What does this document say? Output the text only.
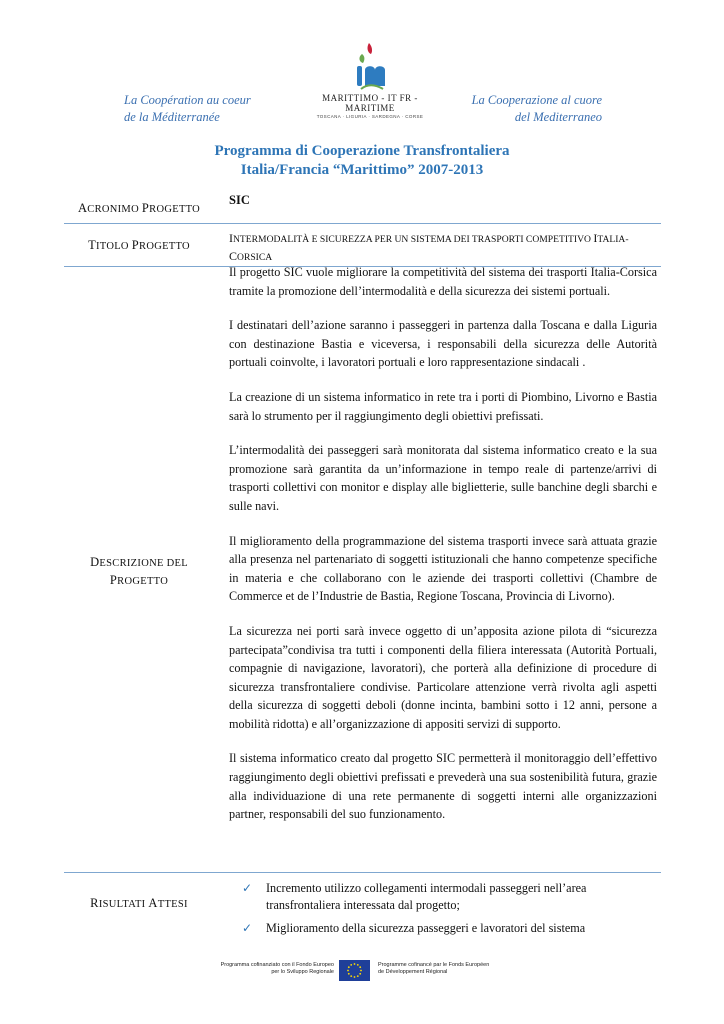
La Coopération au coeur
de la Méditerranée
MARITTIMO - IT FR - MARITIME
TOSCANA · LIGURIA · SARDEGNA · CORSE
La Cooperazione al cuore
del Mediterraneo
Programma di Cooperazione Transfrontaliera
Italia/Francia “Marittimo” 2007-2013
ACRONIMO PROGETTO
SIC
TITOLO PROGETTO
INTERMODALITÀ E SICUREZZA PER UN SISTEMA DEI TRASPORTI COMPETITIVO ITALIA-
CORSICA
DESCRIZIONE DEL
PROGETTO

Il progetto SIC vuole migliorare la competitività del sistema dei trasporti Italia-Corsica tramite la promozione dell’intermodalità e della sicurezza dei sistemi portuali.

I destinatari dell’azione saranno i passeggeri in partenza dalla Toscana e dalla Liguria con destinazione Bastia e viceversa, i responsabili della sicurezza delle Autorità portuali coinvolte, i lavoratori portuali e loro rappresentazione sindacali .

La creazione di un sistema informatico in rete tra i porti di Piombino, Livorno e Bastia sarà lo strumento per il raggiungimento degli obiettivi prefissati.

L’intermodalità dei passeggeri sarà monitorata dal sistema informatico creato e la sua promozione sarà garantita da un’informazione in tempo reale di partenze/arrivi di trasporti collettivi con monitor e display alle biglietterie, sulle banchine degli sbarchi e sulle navi.

Il miglioramento della programmazione del sistema trasporti invece sarà attuata grazie alla presenza nel partenariato di soggetti istituzionali che hanno competenze specifiche in materia e che collaborano con le aziende dei trasporti collettivi (Chambre de Commerce et de l’Industrie de Bastia, Regione Toscana, Provincia di Livorno).

La sicurezza nei porti sarà invece oggetto di un’apposita azione pilota di “sicurezza partecipata”condivisa tra tutti i componenti della filiera interessata (Autorità Portuali, compagnie di navigazione, lavoratori), che porterà alla definizione di procedure di sicurezza transfrontaliere condivise. Particolare attenzione verrà rivolta agli aspetti della sicurezza di soggetti deboli (donne incinta, bambini sotto i 12 anni, persone a mobilità ridotta) e all’organizzazione di appositi servizi di supporto.

Il sistema informatico creato dal progetto SIC permetterà il monitoraggio dell’effettivo raggiungimento degli obiettivi prefissati e prevederà una sua sostenibilità futura, grazie alla individuazione di una rete permanente di soggetti interni alle organizzazioni partner, responsabili del suo funzionamento.

RISULTATI ATTESI
✓ Incremento utilizzo collegamenti intermodali passeggeri nell’area transfrontaliera interessata dal progetto;
✓ Miglioramento della sicurezza passeggeri e lavoratori del sistema
Programma cofinanziato con il Fondo Europeo
per lo Sviluppo Regionale
Programme cofinancé par le Fonds Européen
de Développement Régional
